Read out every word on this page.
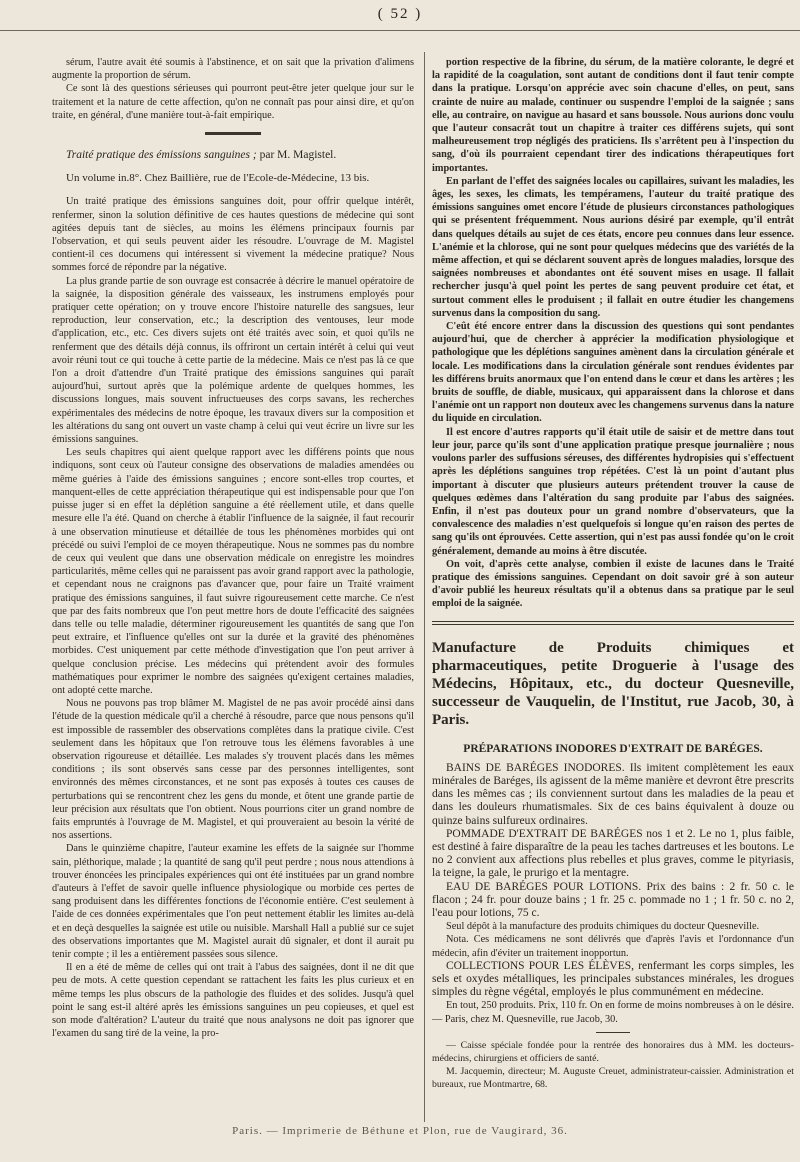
( 52 )

sérum, l'autre avait été soumis à l'abstinence, et on sait que la privation d'alimens augmente la proportion de sérum.

Ce sont là des questions sérieuses qui pourront peut-être jeter quelque jour sur le traitement et la nature de cette affection, qu'on ne connaît pas pour ainsi dire, et qu'on traite, en général, d'une manière tout-à-fait empirique.

Traité pratique des émissions sanguines ; par M. Magistel.
Un volume in.8°. Chez Baillière, rue de l'Ecole-de-Médecine, 13 bis.

Un traité pratique des émissions sanguines doit, pour offrir quelque intérêt, renfermer, sinon la solution définitive de ces hautes questions de médecine qui sont agitées depuis tant de siècles, au moins les élémens principaux fournis par l'observation, et qui seuls peuvent aider les résoudre. L'ouvrage de M. Magistel contient-il ces documens qui intéressent si vivement la médecine pratique? Nous sommes forcé de répondre par la négative.

La plus grande partie de son ouvrage est consacrée à décrire le manuel opératoire de la saignée, la disposition générale des vaisseaux, les instrumens employés pour pratiquer cette opération; on y trouve encore l'histoire naturelle des sangsues, leur reproduction, leur conservation, etc.; la description des ventouses, leur mode d'application, etc., etc. Ces divers sujets ont été traités avec soin, et quoi qu'ils ne renferment que des détails déjà connus, ils offriront un certain intérêt à celui qui veut avoir réuni tout ce qui touche à cette partie de la médecine. Mais ce n'est pas là ce que l'on a droit d'attendre d'un Traité pratique des émissions sanguines qui paraît aujourd'hui, surtout après que la polémique ardente de quelques hommes, les discussions longues, mais souvent infructueuses des corps savans, les recherches expérimentales des médecins de notre époque, les travaux divers sur la composition et les altérations du sang ont ouvert un vaste champ à celui qui veut écrire un livre sur les émissions sanguines.

Les seuls chapitres qui aient quelque rapport avec les différens points que nous indiquons, sont ceux où l'auteur consigne des observations de maladies amendées ou même guéries à l'aide des émissions sanguines ; encore sont-elles trop courtes, et manquent-elles de cette appréciation thérapeutique qui est indispensable pour que l'on puisse juger si en effet la déplétion sanguine a été réellement utile, et dans quelle mesure elle l'a été. Quand on cherche à établir l'influence de la saignée, il faut recourir à une observation minutieuse et détaillée de tous les phénomènes morbides qui ont précédé ou suivi l'emploi de ce moyen thérapeutique. Nous ne sommes pas du nombre de ceux qui veulent que dans une observation médicale on enregistre les moindres particularités, même celles qui ne paraissent pas avoir grand rapport avec la pathologie, et cependant nous ne craignons pas d'avancer que, pour faire un Traité vraiment pratique des émissions sanguines, il faut suivre rigoureusement cette marche. Ce n'est que par des faits nombreux que l'on peut mettre hors de doute l'efficacité des saignées dans telle ou telle maladie, déterminer rigoureusement les quantités de sang que l'on peut extraire, et l'influence qu'elles ont sur la durée et la gravité des phénomènes morbides. C'est uniquement par cette méthode d'investigation que l'on peut arriver à quelque conclusion précise. Les médecins qui prétendent avoir des formules mathématiques pour exprimer le nombre des saignées qu'exigent certaines maladies, ont adopté cette marche.

Nous ne pouvons pas trop blâmer M. Magistel de ne pas avoir procédé ainsi dans l'étude de la question médicale qu'il a cherché à résoudre, parce que nous pensons qu'il est impossible de rassembler des observations complètes dans la pratique civile. C'est seulement dans les hôpitaux que l'on retrouve tous les élémens favorables à une observation rigoureuse et détaillée. Les malades s'y trouvent placés dans les mêmes conditions ; ils sont observés sans cesse par des personnes intelligentes, sont environnés des mêmes circonstances, et ne sont pas exposés à toutes ces causes de perturbations qui se rencontrent chez les gens du monde, et ôtent une grande partie de leur précision aux résultats que l'on obtient. Nous pourrions citer un grand nombre de faits empruntés à l'ouvrage de M. Magistel, et qui prouveraient au besoin la vérité de nos assertions.

Dans le quinzième chapitre, l'auteur examine les effets de la saignée sur l'homme sain, pléthorique, malade ; la quantité de sang qu'il peut perdre ; nous nous attendions à trouver énoncées les principales expériences qui ont été instituées par un grand nombre d'auteurs à l'effet de savoir quelle influence physiologique ou morbide ces pertes de sang produisent dans les différentes fonctions de l'économie entière. C'est seulement à l'aide de ces données expérimentales que l'on peut nettement établir les limites au-delà et en deçà desquelles la saignée est utile ou nuisible. Marshall Hall a publié sur ce sujet des observations importantes que M. Magistel aurait dû signaler, et dont il aurait pu tenir compte ; il les a entièrement passées sous silence.

Il en a été de même de celles qui ont trait à l'abus des saignées, dont il ne dit que peu de mots. A cette question cependant se rattachent les faits les plus curieux et en même temps les plus obscurs de la pathologie des fluides et des solides. Jusqu'à quel point le sang est-il altéré après les émissions sanguines un peu copieuses, et quel est son mode d'altération? L'auteur du traité que nous analysons ne doit pas ignorer que l'examen du sang tiré de la veine, la pro-

portion respective de la fibrine, du sérum, de la matière colorante, le degré et la rapidité de la coagulation, sont autant de conditions dont il faut tenir compte dans la pratique. Lorsqu'on apprécie avec soin chacune d'elles, on peut, sans crainte de nuire au malade, continuer ou suspendre l'emploi de la saignée ; sans elle, au contraire, on navigue au hasard et sans boussole. Nous aurions donc voulu que l'auteur consacrât tout un chapitre à traiter ces différens sujets, qui sont malheureusement trop négligés des praticiens. Ils s'arrêtent peu à l'inspection du sang, d'où ils pourraient cependant tirer des indications thérapeutiques fort importantes.

En parlant de l'effet des saignées locales ou capillaires, suivant les maladies, les âges, les sexes, les climats, les tempéramens, l'auteur du traité pratique des émissions sanguines omet encore l'étude de plusieurs circonstances pathologiques qui se présentent fréquemment. Nous aurions désiré par exemple, qu'il entrât dans quelques détails au sujet de ces états, encore peu connues dans leur essence. L'anémie et la chlorose, qui ne sont pour quelques médecins que des variétés de la même affection, et qui se déclarent souvent après de longues maladies, lorsque des saignées nombreuses et abondantes ont été souvent mises en usage. Il fallait rechercher jusqu'à quel point les pertes de sang peuvent produire cet état, et surtout comment elles le produisent ; il fallait en outre étudier les changemens survenus dans la composition du sang.

C'eût été encore entrer dans la discussion des questions qui sont pendantes aujourd'hui, que de chercher à apprécier la modification physiologique et pathologique que les déplétions sanguines amènent dans la circulation générale et locale. Les modifications dans la circulation générale sont rendues évidentes par les différens bruits anormaux que l'on entend dans le cœur et dans les artères ; les bruits de souffle, de diable, musicaux, qui apparaissent dans la chlorose et dans l'anémie ont un rapport non douteux avec les changemens survenus dans la nature du liquide en circulation.

Il est encore d'autres rapports qu'il était utile de saisir et de mettre dans tout leur jour, parce qu'ils sont d'une application pratique presque journalière ; nous voulons parler des suffusions séreuses, des différentes hydropisies qui s'effectuent après les déplétions sanguines trop répétées. C'est là un point d'autant plus important à discuter que plusieurs auteurs prétendent trouver la cause de quelques œdèmes dans l'altération du sang produite par l'abus des saignées. Enfin, il n'est pas douteux pour un grand nombre d'observateurs, que la convalescence des maladies n'est quelquefois si longue qu'en raison des pertes de sang qu'ils ont éprouvées. Cette assertion, qui n'est pas aussi fondée qu'on le croit généralement, demande au moins à être discutée.

On voit, d'après cette analyse, combien il existe de lacunes dans le Traité pratique des émissions sanguines. Cependant on doit savoir gré à son auteur d'avoir publié les heureux résultats qu'il a obtenus dans sa pratique par le seul emploi de la saignée.

Manufacture de Produits chimiques et pharmaceutiques, petite Droguerie à l'usage des Médecins, Hôpitaux, etc., du docteur Quesneville, successeur de Vauquelin, de l'Institut, rue Jacob, 30, à Paris.
PRÉPARATIONS INODORES D'EXTRAIT DE BARÉGES.

BAINS DE BARÉGES INODORES. Ils imitent complètement les eaux minérales de Baréges, ils agissent de la même manière et devront être prescrits dans les mêmes cas ; ils conviennent surtout dans les maladies de la peau et dans les douleurs rhumatismales. Six de ces bains équivalent à douze ou quinze bains sulfureux ordinaires.

POMMADE D'EXTRAIT DE BARÉGES nos 1 et 2. Le no 1, plus faible, est destiné à faire disparaître de la peau les taches dartreuses et les boutons. Le no 2 convient aux affections plus rebelles et plus graves, comme le pityriasis, la teigne, la gale, le prurigo et la mentagre.

EAU DE BARÉGES POUR LOTIONS. Prix des bains : 2 fr. 50 c. le flacon ; 24 fr. pour douze bains ; 1 fr. 25 c. pommade no 1 ; 1 fr. 50 c. no 2, l'eau pour lotions, 75 c.

Seul dépôt à la manufacture des produits chimiques du docteur Quesneville.

Nota. Ces médicamens ne sont délivrés que d'après l'avis et l'ordonnance d'un médecin, afin d'éviter un traitement inopportun.

COLLECTIONS POUR LES ÉLÈVES, renfermant les corps simples, les sels et oxydes métalliques, les principales substances minérales, les drogues simples du règne végétal, employés le plus communément en médecine.

En tout, 250 produits. Prix, 110 fr. On en forme de moins nombreuses à on le désire. — Paris, chez M. Quesneville, rue Jacob, 30.

— Caisse spéciale fondée pour la rentrée des honoraires dus à MM. les docteurs-médecins, chirurgiens et officiers de santé.

M. Jacquemin, directeur; M. Auguste Creuet, administrateur-caissier. Administration et bureaux, rue Montmartre, 68.

Paris. — Imprimerie de Béthune et Plon, rue de Vaugirard, 36.
